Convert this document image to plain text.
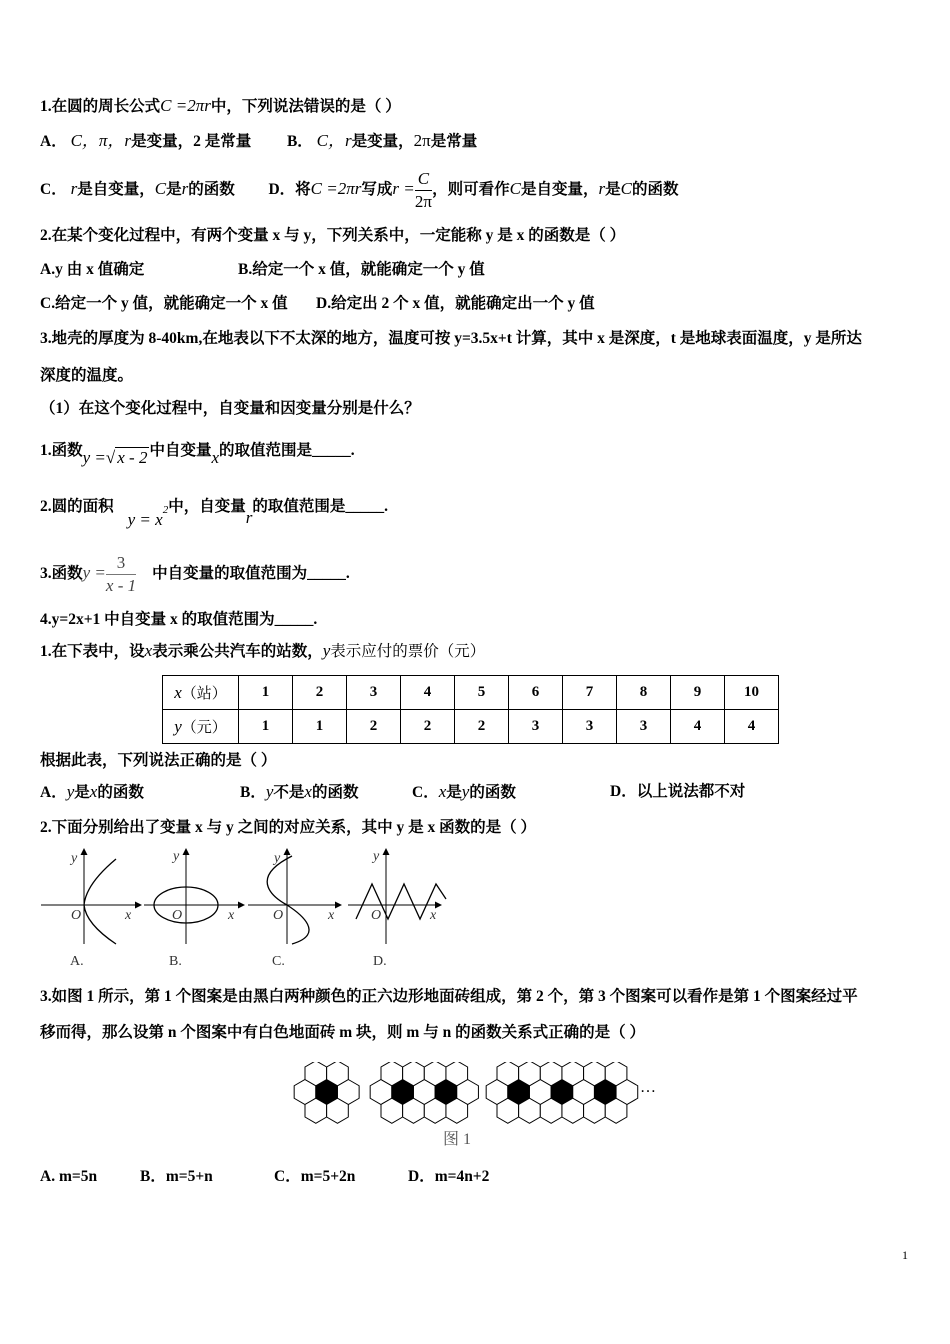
1.在圆的周长公式C =2πr中，下列说法错误的是（ ）
A． C，π，r是变量，2 是常量 B． C，r是变量，2π是常量
C． r是自变量，C是r的函数 D．将C =2πr写成$r = \frac{C}{2\pi}$ ，则可看作C是自变量，r是C的函数
2.在某个变化过程中，有两个变量 x 与 y，下列关系中，一定能称 y 是 x 的函数是（ ）
A.y 由 x 值确定	B.给定一个 x 值，就能确定一个 y 值
C.给定一个 y 值，就能确定一个 x 值 D.给定出 2 个 x 值，就能确定出一个 y 值
3.地壳的厚度为 8-40km,在地表以下不太深的地方，温度可按 y=3.5x+t 计算，其中 x 是深度，t 是地球表面温度，y 是所达
深度的温度。
（1）在这个变化过程中，自变量和因变量分别是什么？
1.函数y =√ x - 2 中自变量x的取值范围是_____.
2.圆的面积$y = x^2$中，自变量r的取值范围是_____.
3.函数$y = \frac{3}{x - 1}$ 中自变量的取值范围为_____.
4.y=2x+1 中自变量 x 的取值范围为_____.
1.在下表中，设x表示乘公共汽车的站数，y表示应付的票价（元）
x（站）	1	2	3	4	5	6	7	8	9	10
y（元）	1	1	2	2	2	3	3	3	4	4
根据此表，下列说法正确的是（ ）
A．y是x的函数	B．y不是x的函数	C．x是y的函数	D．以上说法都不对
2.下面分别给出了变量 x 与 y 之间的对应关系，其中 y 是 x 函数的是（ ）
y
x
O
A.
y
x
O
B.
y
x
O
C.
y
x
O
D.
3.如图 1 所示，第 1 个图案是由黑白两种颜色的正六边形地面砖组成，第 2 个，第 3 个图案可以看作是第 1 个图案经过平
移而得，那么设第 n 个图案中有白色地面砖 m 块，则 m 与 n 的函数关系式正确的是（ ）
…
图 1
A. m=5n	B．m=5+n	C．m=5+2n	D．m=4n+2
1
